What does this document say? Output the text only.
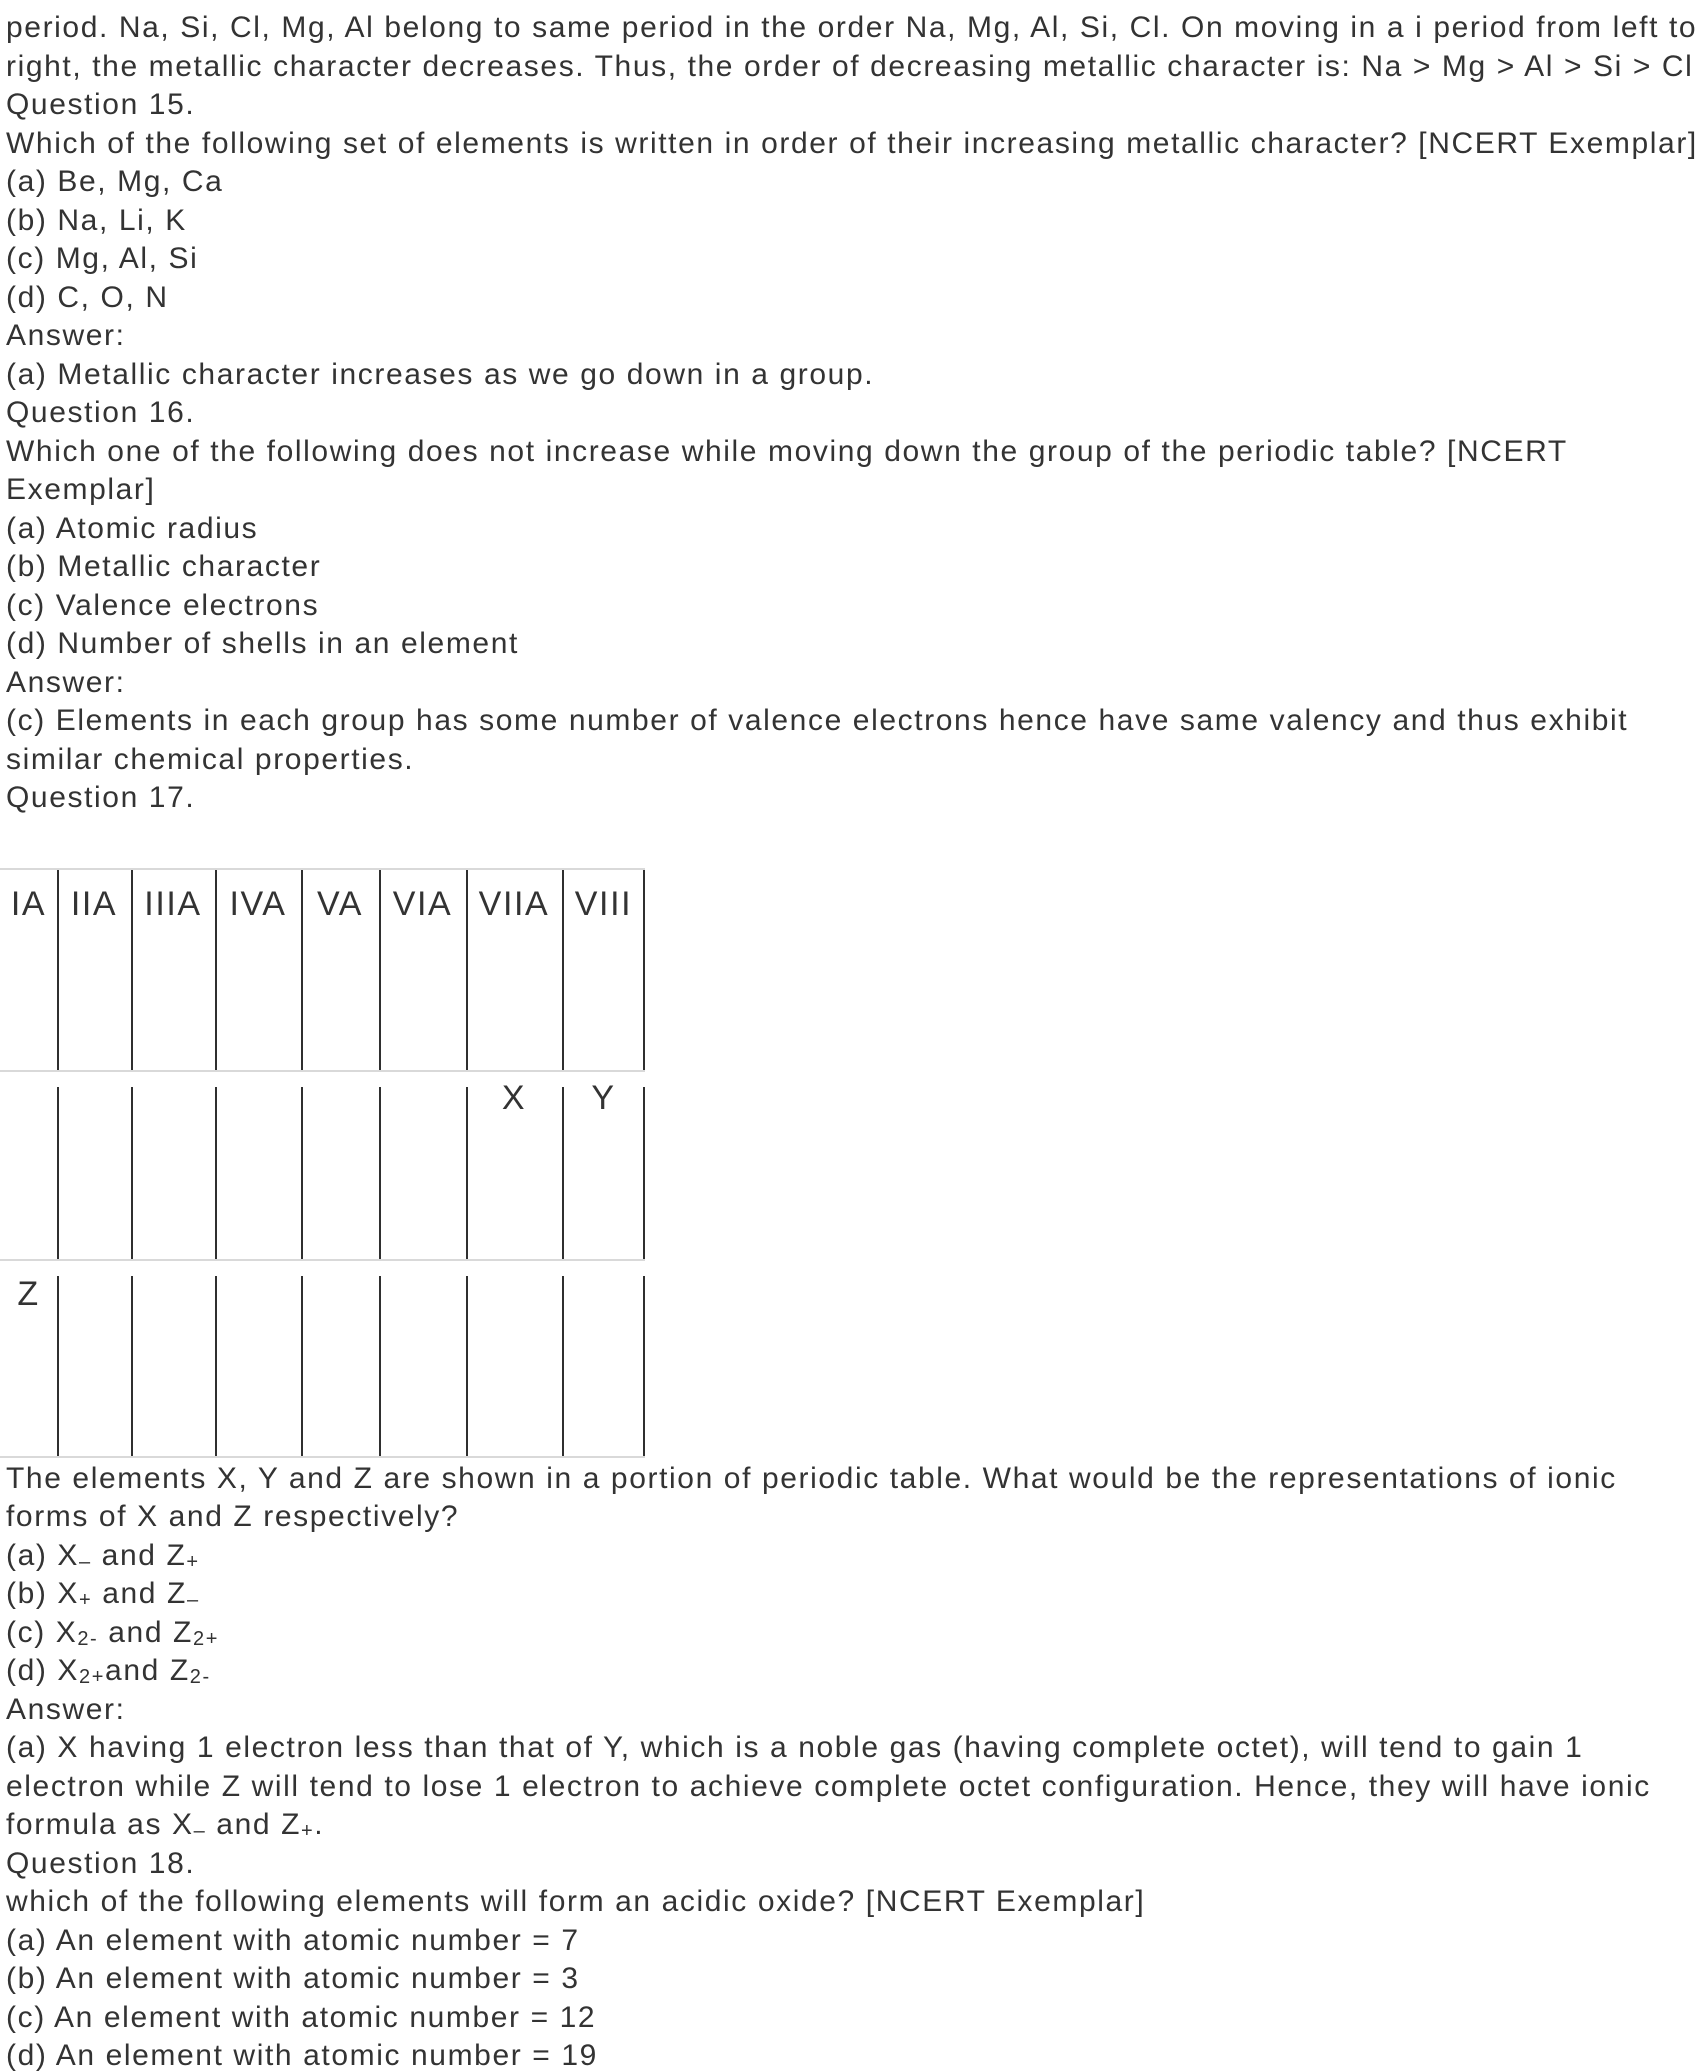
period. Na, Si, Cl, Mg, Al belong to same period in the order Na, Mg, Al, Si, Cl. On moving in a i period from left to
right, the metallic character decreases. Thus, the order of decreasing metallic character is: Na > Mg > Al > Si > Cl
Question 15.
Which of the following set of elements is written in order of their increasing metallic character? [NCERT Exemplar]
(a) Be, Mg, Ca
(b) Na, Li, K
(c) Mg, Al, Si
(d) C, O, N
Answer:
(a) Metallic character increases as we go down in a group.
Question 16.
Which one of the following does not increase while moving down the group of the periodic table? [NCERT
Exemplar]
(a) Atomic radius
(b) Metallic character
(c) Valence electrons
(d) Number of shells in an element
Answer:
(c) Elements in each group has some number of valence electrons hence have same valency and thus exhibit
similar chemical properties.
Question 17.
IA IIA IIIA IVA VA VIA VIIA VIII
X	Y
Z
The elements X, Y and Z are shown in a portion of periodic table. What would be the representations of ionic
forms of X and Z respectively?
(a) X– and Z+
(b) X+ and Z–
(c) X2- and Z2+
(d) X2+and Z2-
Answer:
(a) X having 1 electron less than that of Y, which is a noble gas (having complete octet), will tend to gain 1
electron while Z will tend to lose 1 electron to achieve complete octet configuration. Hence, they will have ionic
formula as X– and Z+.
Question 18.
which of the following elements will form an acidic oxide? [NCERT Exemplar]
(a) An element with atomic number = 7
(b) An element with atomic number = 3
(c) An element with atomic number = 12
(d) An element with atomic number = 19
